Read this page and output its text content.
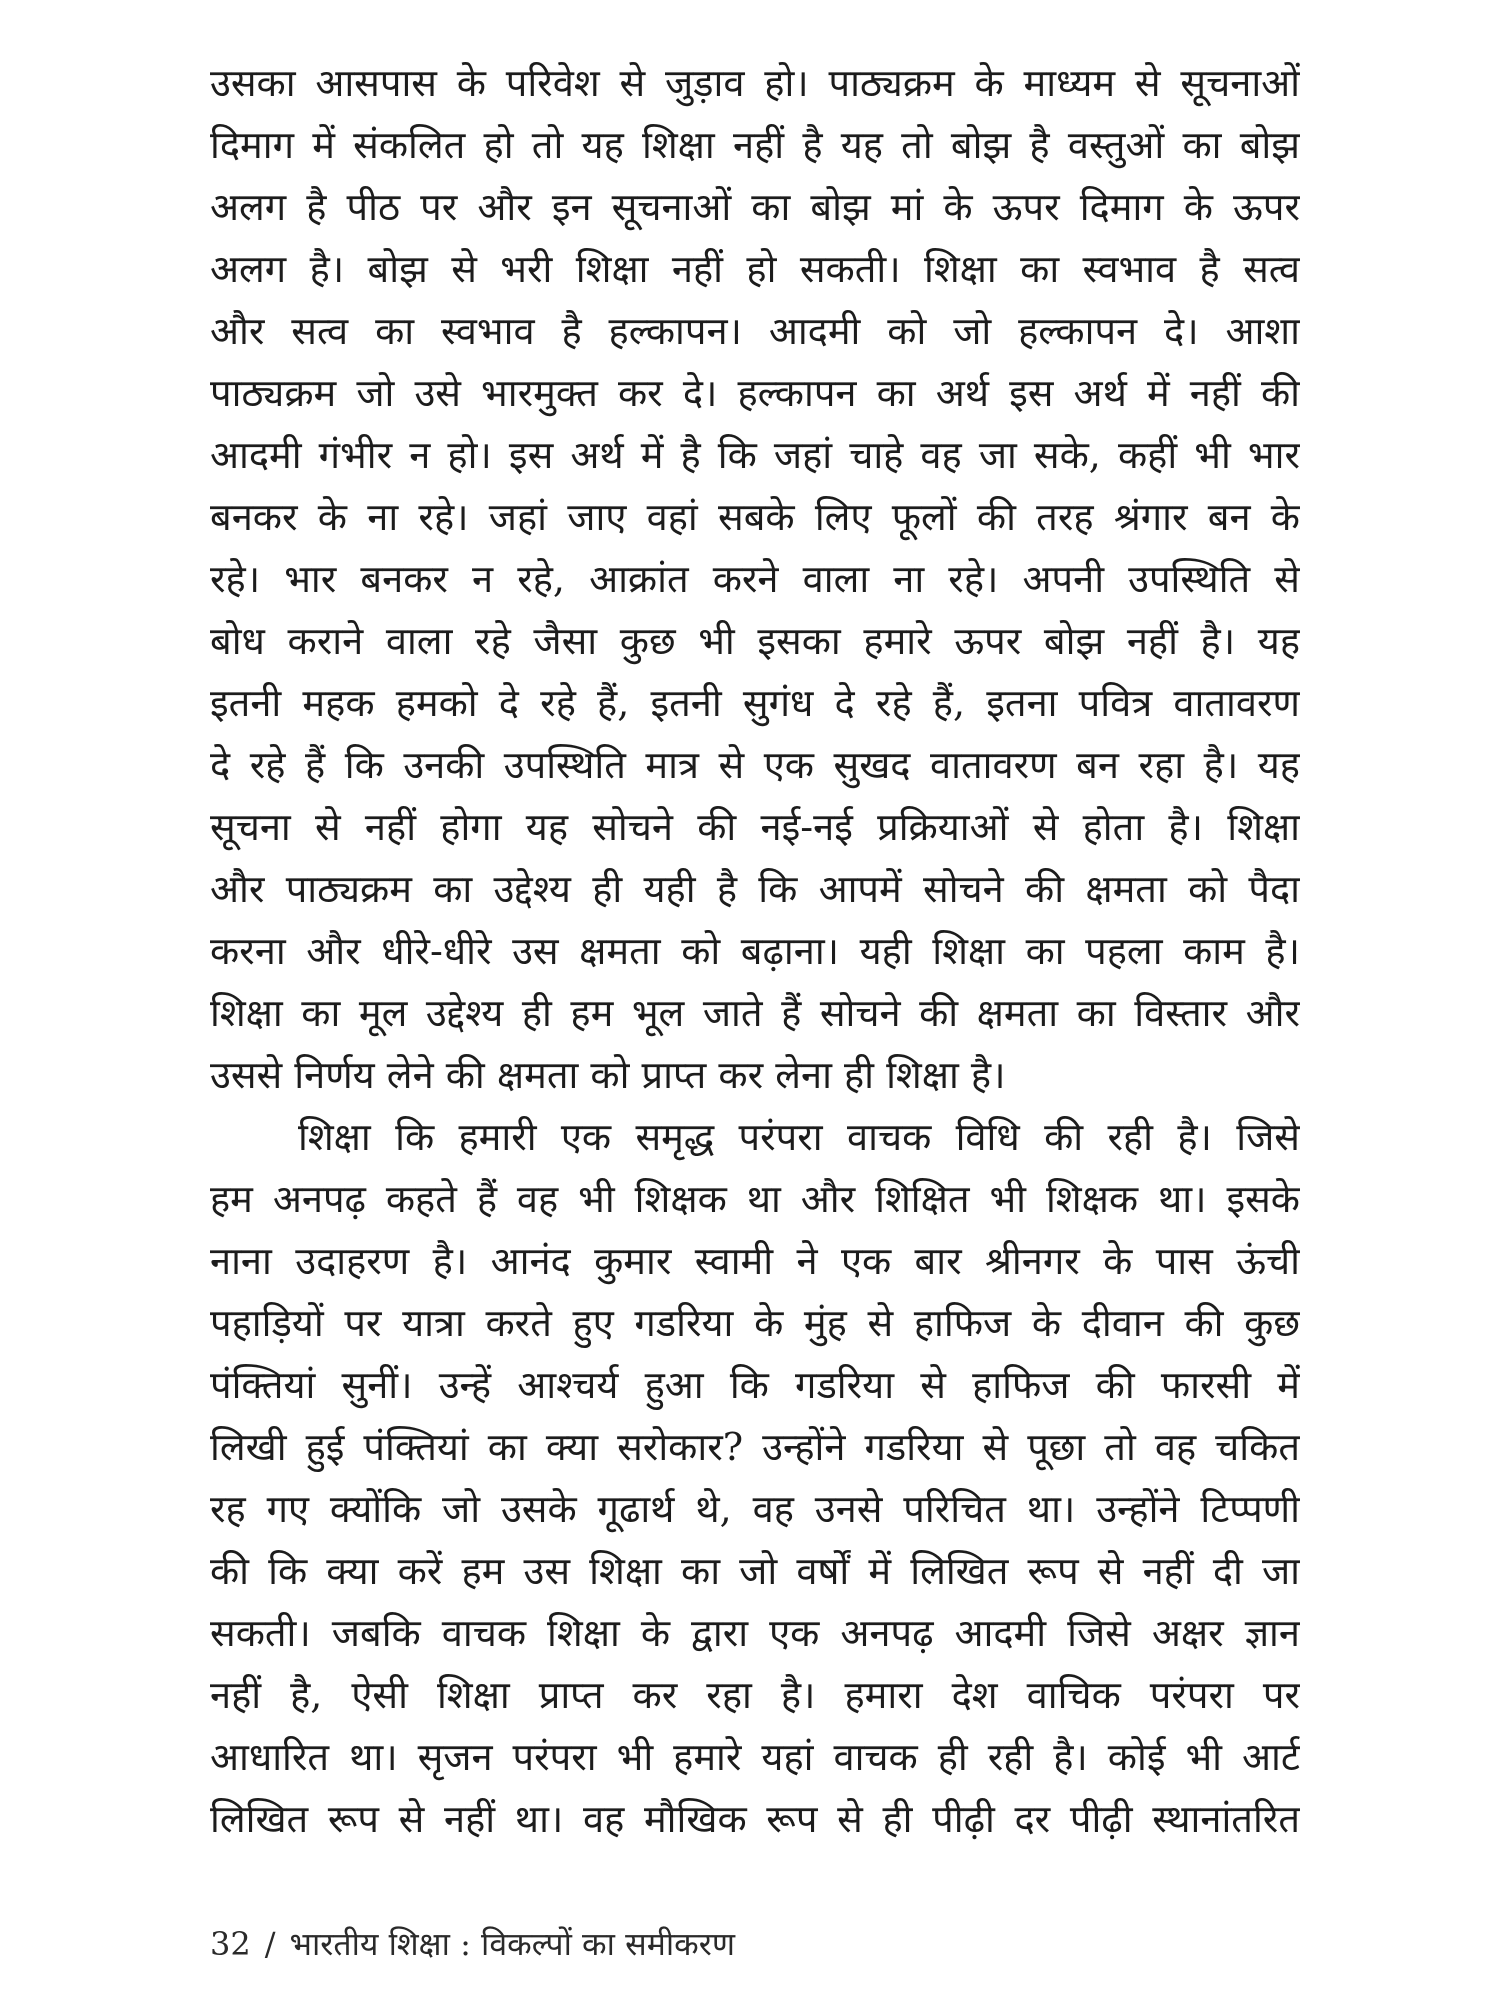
उसका आसपास के परिवेश से जुड़ाव हो। पाठ्यक्रम के माध्यम से सूचनाओं
दिमाग में संकलित हो तो यह शिक्षा नहीं है यह तो बोझ है वस्तुओं का बोझ
अलग है पीठ पर और इन सूचनाओं का बोझ मां के ऊपर दिमाग के ऊपर
अलग है। बोझ से भरी शिक्षा नहीं हो सकती। शिक्षा का स्वभाव है सत्व
और सत्व का स्वभाव है हल्कापन। आदमी को जो हल्कापन दे। आशा
पाठ्यक्रम जो उसे भारमुक्त कर दे। हल्कापन का अर्थ इस अर्थ में नहीं की
आदमी गंभीर न हो। इस अर्थ में है कि जहां चाहे वह जा सके, कहीं भी भार
बनकर के ना रहे। जहां जाए वहां सबके लिए फूलों की तरह श्रंगार बन के
रहे। भार बनकर न रहे, आक्रांत करने वाला ना रहे। अपनी उपस्थिति से
बोध कराने वाला रहे जैसा कुछ भी इसका हमारे ऊपर बोझ नहीं है। यह
इतनी महक हमको दे रहे हैं, इतनी सुगंध दे रहे हैं, इतना पवित्र वातावरण
दे रहे हैं कि उनकी उपस्थिति मात्र से एक सुखद वातावरण बन रहा है। यह
सूचना से नहीं होगा यह सोचने की नई-नई प्रक्रियाओं से होता है। शिक्षा
और पाठ्यक्रम का उद्देश्य ही यही है कि आपमें सोचने की क्षमता को पैदा
करना और धीरे-धीरे उस क्षमता को बढ़ाना। यही शिक्षा का पहला काम है।
शिक्षा का मूल उद्देश्य ही हम भूल जाते हैं सोचने की क्षमता का विस्तार और
उससे निर्णय लेने की क्षमता को प्राप्त कर लेना ही शिक्षा है।
शिक्षा कि हमारी एक समृद्ध परंपरा वाचक विधि की रही है। जिसे
हम अनपढ़ कहते हैं वह भी शिक्षक था और शिक्षित भी शिक्षक था। इसके
नाना उदाहरण है। आनंद कुमार स्वामी ने एक बार श्रीनगर के पास ऊंची
पहाड़ियों पर यात्रा करते हुए गडरिया के मुंह से हाफिज के दीवान की कुछ
पंक्तियां सुनीं। उन्हें आश्चर्य हुआ कि गडरिया से हाफिज की फारसी में
लिखी हुई पंक्तियां का क्या सरोकार? उन्होंने गडरिया से पूछा तो वह चकित
रह गए क्योंकि जो उसके गूढार्थ थे, वह उनसे परिचित था। उन्होंने टिप्पणी
की कि क्या करें हम उस शिक्षा का जो वर्षों में लिखित रूप से नहीं दी जा
सकती। जबकि वाचक शिक्षा के द्वारा एक अनपढ़ आदमी जिसे अक्षर ज्ञान
नहीं है, ऐसी शिक्षा प्राप्त कर रहा है। हमारा देश वाचिक परंपरा पर
आधारित था। सृजन परंपरा भी हमारे यहां वाचक ही रही है। कोई भी आर्ट
लिखित रूप से नहीं था। वह मौखिक रूप से ही पीढ़ी दर पीढ़ी स्थानांतरित
32 / भारतीय शिक्षा : विकल्पों का समीकरण
